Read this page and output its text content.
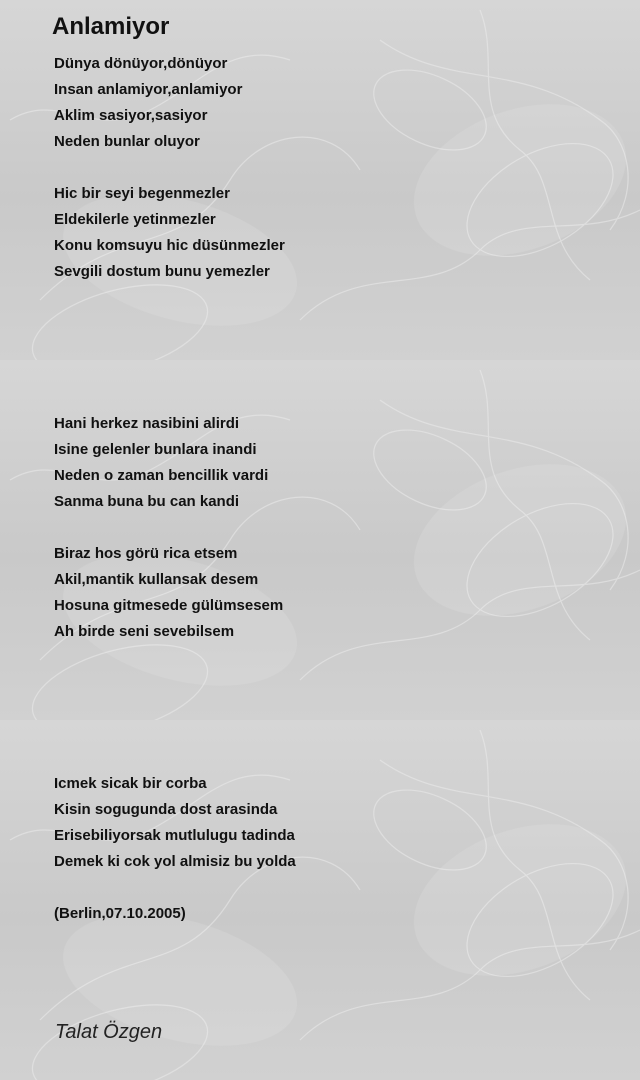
Anlamiyor
Dünya dönüyor,dönüyor
Insan anlamiyor,anlamiyor
Aklim sasiyor,sasiyor
Neden bunlar oluyor
Hic bir seyi begenmezler
Eldekilerle yetinmezler
Konu komsuyu hic düsünmezler
Sevgili dostum bunu yemezler
Hani herkez nasibini alirdi
Isine gelenler bunlara inandi
Neden o zaman bencillik vardi
Sanma buna bu can kandi
Biraz hos görü rica etsem
Akil,mantik kullansak desem
Hosuna gitmesede gülümsesem
Ah birde seni sevebilsem
Icmek sicak bir corba
Kisin sogugunda dost arasinda
Erisebiliyorsak mutlulugu tadinda
Demek ki cok yol almisiz bu yolda
(Berlin,07.10.2005)
Talat Özgen
